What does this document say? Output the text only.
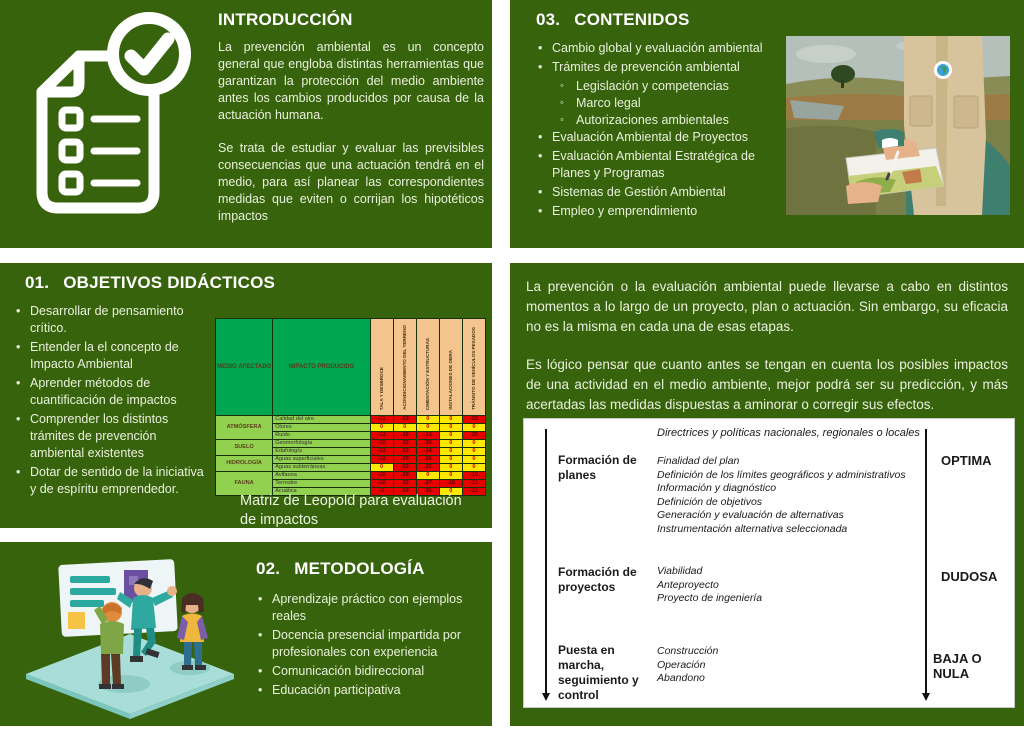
INTRODUCCIÓN

La prevención ambiental es un concepto general que engloba distintas herramientas que garantizan la protección del medio ambiente antes los cambios producidos por causa de la actuación humana.

Se trata de estudiar y evaluar las previsibles consecuencias que una actuación tendrá en el medio, para así planear las correspondientes medidas que eviten o corrijan los hipotéticos impactos

03. CONTENIDOS
• Cambio global y evaluación ambiental
• Trámites de prevención ambiental
◦ Legislación y competencias
◦ Marco legal
◦ Autorizaciones ambientales
• Evaluación Ambiental de Proyectos
• Evaluación Ambiental Estratégica de Planes y Programas
• Sistemas de Gestión Ambiental
• Empleo y emprendimiento
01. OBJETIVOS DIDÁCTICOS
• Desarrollar de pensamiento crítico.
• Entender la el concepto de Impacto Ambiental
• Aprender métodos de cuantificación de impactos
• Comprender los distintos trámites de prevención ambiental existentes
• Dotar de sentido de la iniciativa y de espíritu emprendedor.
MEDIO AFECTADO	IMPACTO PRODUCIDO	TALA Y DESBROCE	ACONDICIONAMIENTO DEL TERRENO	CIMENTACIÓN Y ESTRUCTURAS	INSTALACIONES DE OBRA	TRÁNSITO DE VEHÍCULOS PESADOS
ATMÓSFERA	Calidad del aire	-11	-13	0	0	-22
	Olores	0	0	0	0	0
	Ruido	-13	-16	-13	0	-25
SUELO	Geomorfología	-30	-32	-30	0	0
	Edafología	-23	-22	-34	0	0
HIDROLOGÍA	Aguas superficiales	-18	-25	-26	0	0
	Aguas subterráneas	0	-12	-20	0	0
FAUNA	Avifauna	-25	-28	0	0	-16
	Terrestre	-26	-32	-27	-15	-13
	Acuática	-8	-14	-30	0	-12
Matriz de Leopold para evaluación de impactos

La prevención o la evaluación ambiental puede llevarse a cabo en distintos momentos a lo largo de un proyecto, plan o actuación. Sin embargo, su eficacia no es la misma en cada una de esas etapas.

Es lógico pensar que cuanto antes se tengan en cuenta los posibles impactos de una actividad en el medio ambiente, mejor podrá ser su predicción, y más acertadas las medidas dispuestas a aminorar o corregir sus efectos.

Directrices y políticas nacionales, regionales o locales
Formación de planes
Finalidad del plan
Definición de los límites geográficos y administrativos
Información y diagnóstico
Definición de objetivos
Generación y evaluación de alternativas
Instrumentación alternativa seleccionada
OPTIMA
Formación de proyectos
Viabilidad
Anteproyecto
Proyecto de ingeniería
DUDOSA
Puesta en marcha, seguimiento y control
Construcción
Operación
Abandono
BAJA O NULA
02. METODOLOGÍA
• Aprendizaje práctico con ejemplos reales
• Docencia presencial impartida por profesionales con experiencia
• Comunicación bidireccional
• Educación participativa
